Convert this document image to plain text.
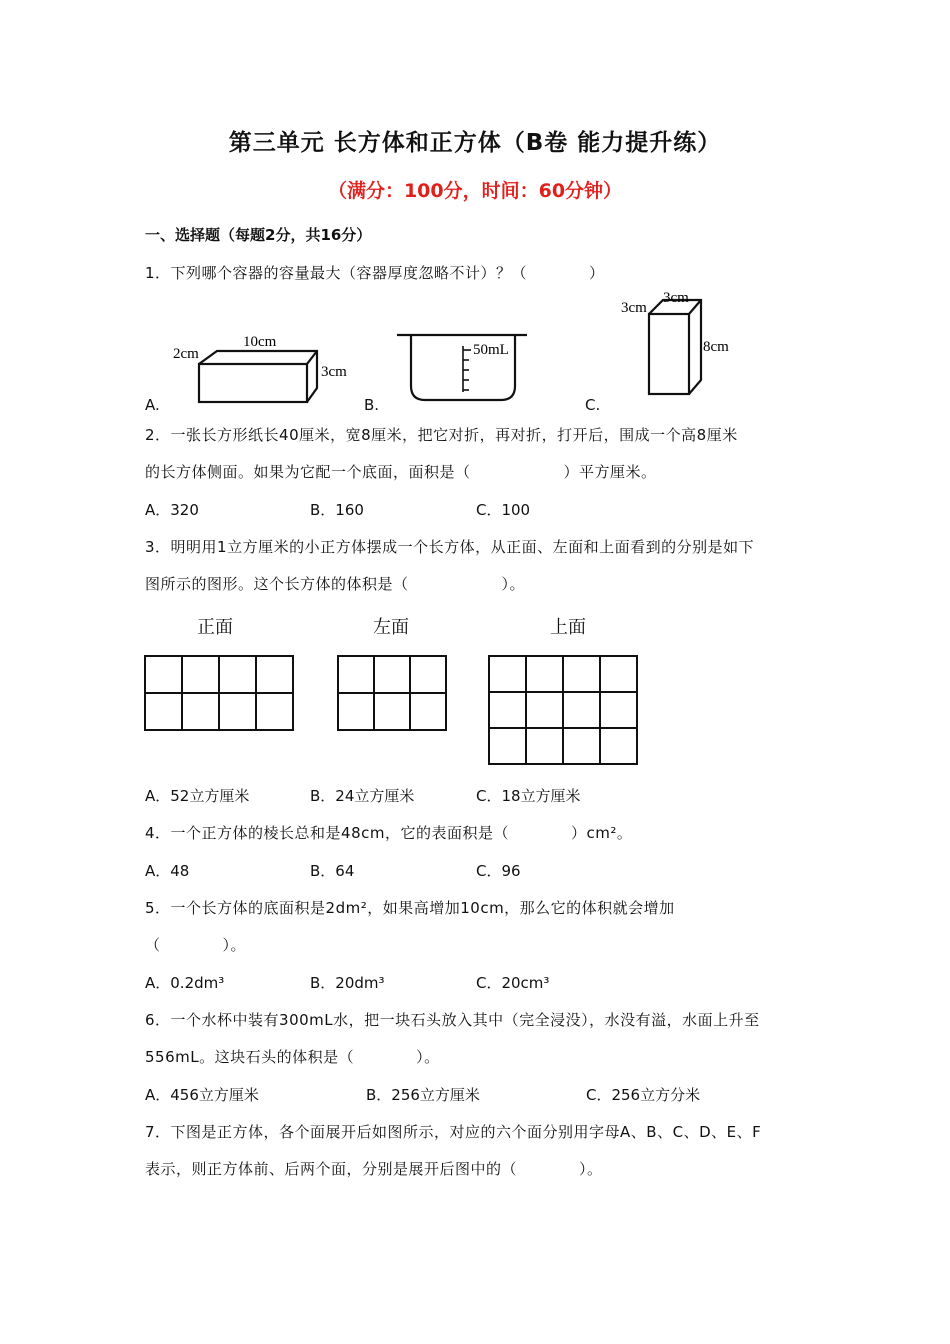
第三单元 长方体和正方体（B卷 能力提升练）
（满分：100分，时间：60分钟）
一、选择题（每题2分，共16分）
1．下列哪个容器的容量最大（容器厚度忽略不计）？（　　　　）
10cm
2cm
3cm
50mL
3cm
3cm
8cm
A.	B.	C.
2．一张长方形纸长40厘米，宽8厘米，把它对折，再对折，打开后，围成一个高8厘米
的长方体侧面。如果为它配一个底面，面积是（　　　　　　）平方厘米。
A．320	B．160	C．100
3．明明用1立方厘米的小正方体摆成一个长方体，从正面、左面和上面看到的分别是如下
图所示的图形。这个长方体的体积是（　　　　　　）。
正面	左面	上面

A．52立方厘米	B．24立方厘米	C．18立方厘米
4．一个正方体的棱长总和是48cm，它的表面积是（　　　　）cm²。
A．48	B．64	C．96
5．一个长方体的底面积是2dm²，如果高增加10cm，那么它的体积就会增加
（　　　　）。
A．0.2dm³	B．20dm³	C．20cm³
6．一个水杯中装有300mL水，把一块石头放入其中（完全浸没），水没有溢，水面上升至
556mL。这块石头的体积是（　　　　）。
A．456立方厘米	B．256立方厘米	C．256立方分米
7．下图是正方体，各个面展开后如图所示，对应的六个面分别用字母A、B、C、D、E、F
表示，则正方体前、后两个面，分别是展开后图中的（　　　　）。
